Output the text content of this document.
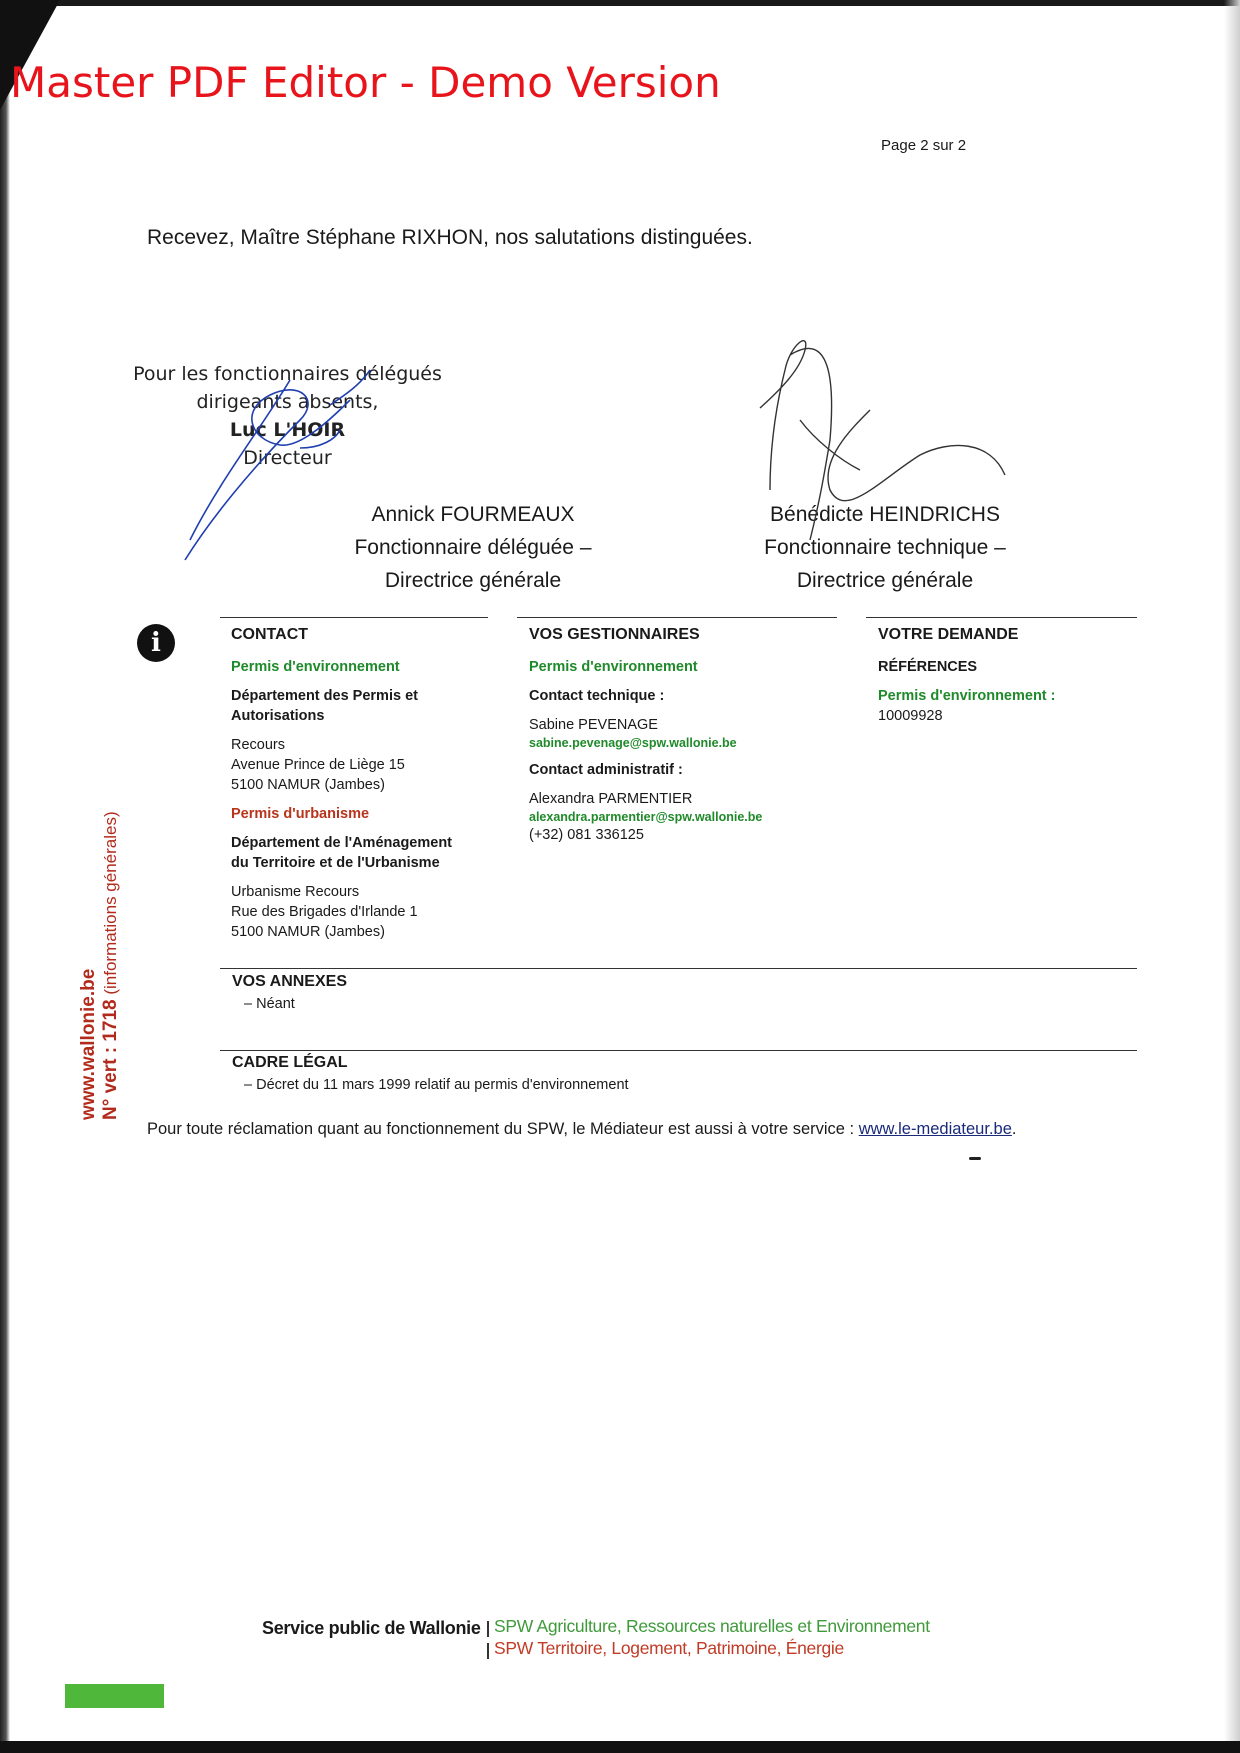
Master PDF Editor - Demo Version
Page 2 sur 2
Recevez, Maître Stéphane RIXHON, nos salutations distinguées.
Pour les fonctionnaires délégués
dirigeants absents,
Luc L'HOIR
Directeur
Annick FOURMEAUX
Fonctionnaire déléguée –
Directrice générale
Bénédicte HEINDRICHS
Fonctionnaire technique –
Directrice générale
i	CONTACT
Permis d'environnement
Département des Permis et
Autorisations
Recours
Avenue Prince de Liège 15
5100 NAMUR (Jambes)
Permis d'urbanisme
Département de l'Aménagement
du Territoire et de l'Urbanisme
Urbanisme Recours
Rue des Brigades d'Irlande 1
5100 NAMUR (Jambes)
VOS GESTIONNAIRES
Permis d'environnement
Contact technique :
Sabine PEVENAGE
sabine.pevenage@spw.wallonie.be
Contact administratif :
Alexandra PARMENTIER
alexandra.parmentier@spw.wallonie.be
(+32) 081 336125
VOTRE DEMANDE
RÉFÉRENCES
Permis d'environnement :
10009928
VOS ANNEXES
– Néant
CADRE LÉGAL
– Décret du 11 mars 1999 relatif au permis d'environnement
www.wallonie.be N° vert : 1718 (informations générales)
Pour toute réclamation quant au fonctionnement du SPW, le Médiateur est aussi à votre service : www.le-mediateur.be.
Service public de Wallonie SPW Agriculture, Ressources naturelles et Environnement
SPW Territoire, Logement, Patrimoine, Énergie
